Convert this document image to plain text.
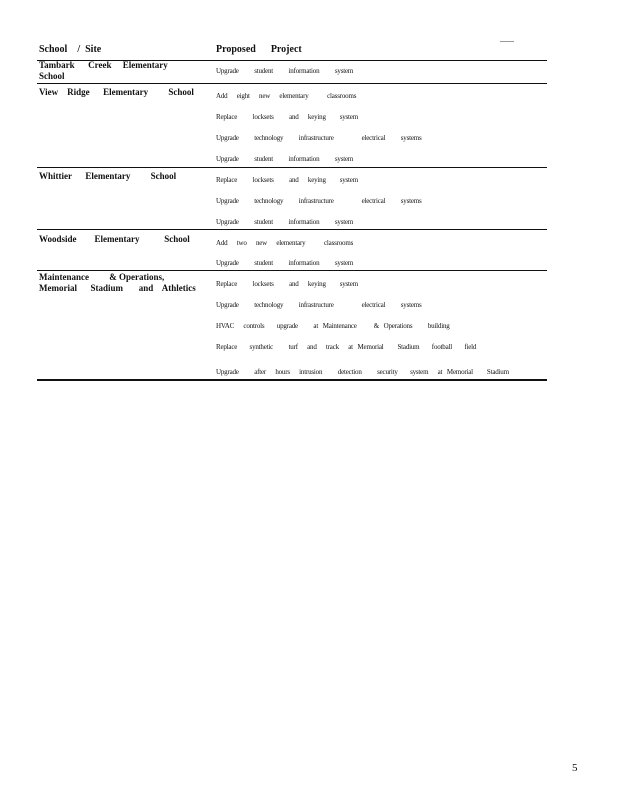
School    /  Site	Proposed      Project
Tambark      Creek     Elementary
School	Upgrade          student          information          system
View    Ridge      Elementary         School	Add      eight      new      elementary            classrooms
Replace          locksets          and      keying         system
Upgrade          technology          infrastructure                  electrical          systems
Upgrade          student          information          system
Whittier      Elementary         School	Replace          locksets          and      keying         system
Upgrade          technology          infrastructure                  electrical          systems
Upgrade          student          information          system
Woodside        Elementary           School	Add      two      new      elementary            classrooms
Upgrade          student          information          system
Maintenance         & Operations,
Memorial      Stadium       and    Athletics	Replace          locksets          and      keying         system
Upgrade          technology          infrastructure                  electrical          systems
HVAC      controls        upgrade          at   Maintenance           &   Operations          building
Replace        synthetic          turf      and      track      at   Memorial         Stadium        football        field
Upgrade          after      hours      intrusion          detection          security        system      at   Memorial         Stadium
5
